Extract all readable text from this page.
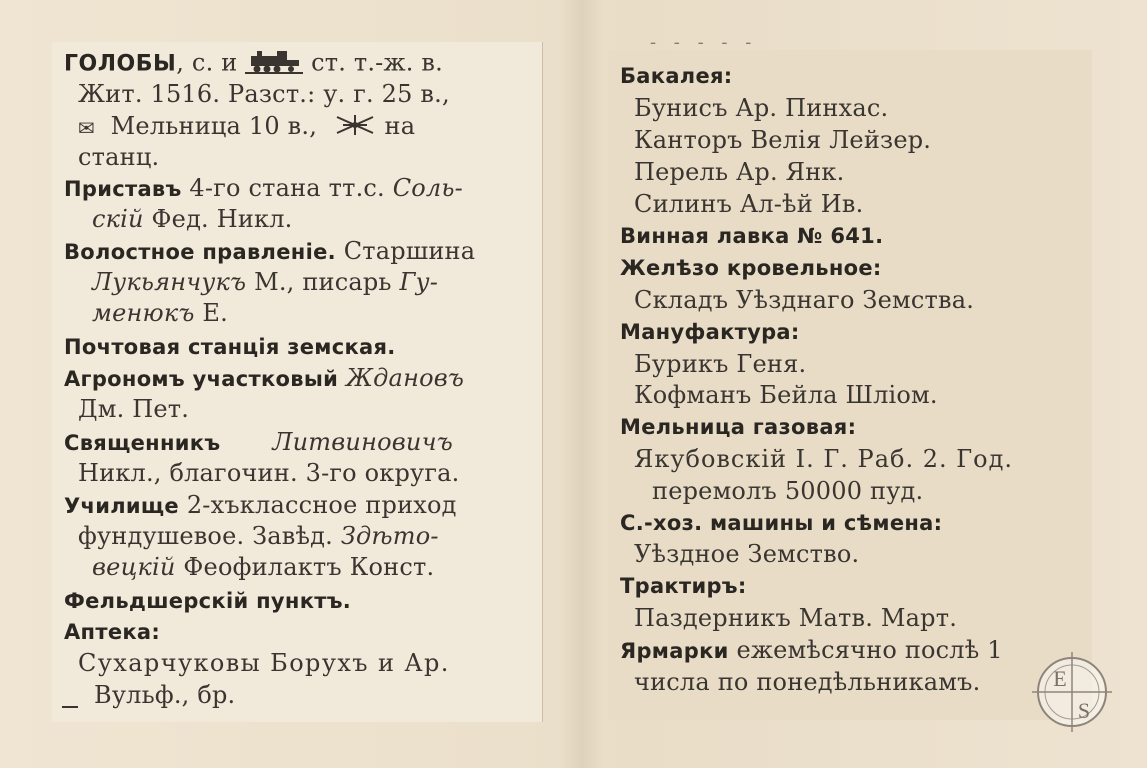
- - - - -
ГОЛОБЫ, с. и  ст. т.-ж. в.
Жит. 1516. Разст.: у. г. 25 в.,
✉ Мельница 10 в.,	на
станц.
Приставъ 4-го стана тт.с. Соль-
скій Фед. Никл.
Волостное правленіе. Старшина
Лукьянчукъ М., писарь Гу-
менюкъ Е.
Почтовая станція земская.
Агрономъ участковый Ждановъ
Дм. Пет.
Священникъ Литвиновичъ
Никл., благочин. 3-го округа.
Училище 2-хъклассное приход
фундушевое. Завѣд. Здѣто-
вецкій Феофилактъ Конст.
Фельдшерскій пунктъ.
Аптека:
Сухарчуковы Борухъ и Ар.
Вульф., бр.
Бакалея:
Бунисъ Ар. Пинхас.
Канторъ Велія Лейзер.
Перель Ар. Янк.
Силинъ Ал-ѣй Ив.
Винная лавка № 641.
Желѣзо кровельное:
Складъ Уѣзднаго Земства.
Мануфактура:
Бурикъ Геня.
Кофманъ Бейла Шліом.
Мельница газовая:
Якубовскій І. Г. Раб. 2. Год.
перемолъ 50000 пуд.
С.-хоз. машины и сѣмена:
Уѣздное Земство.
Трактиръ:
Паздерникъ Матв. Март.
Ярмарки ежемѣсячно послѣ 1
числа по понедѣльникамъ.	E
S
